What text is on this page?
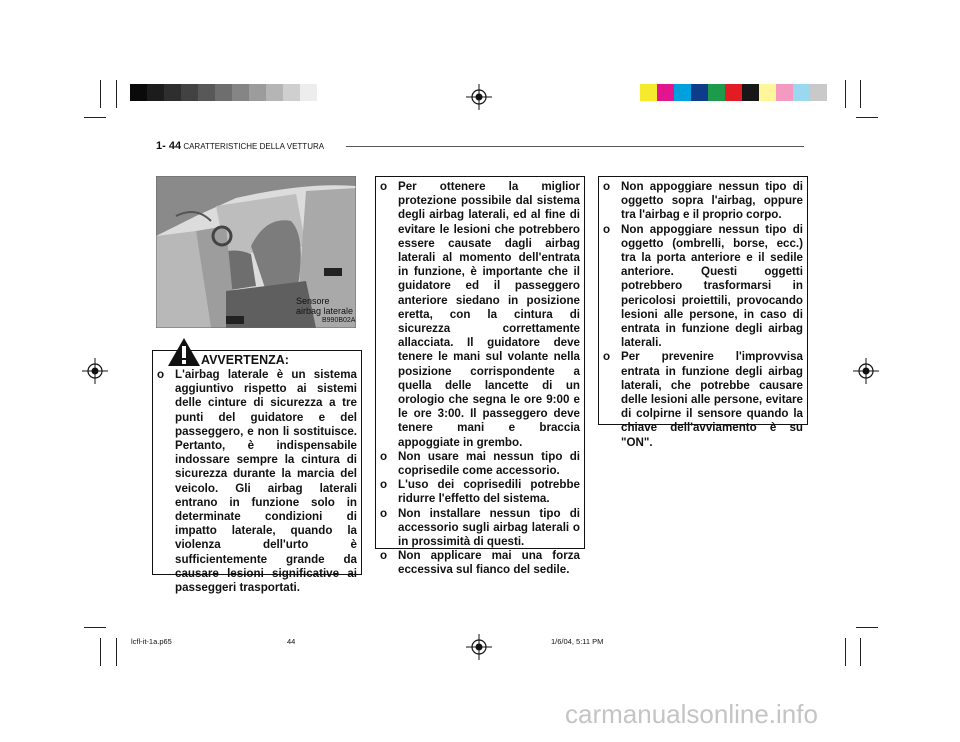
1- 44 CARATTERISTICHE DELLA VETTURA
Sensore
airbag laterale
B990B02A
AVVERTENZA:
o L'airbag laterale è un sistema aggiuntivo rispetto ai sistemi delle cinture di sicurezza a tre punti del guidatore e del passeggero, e non li sostituisce. Pertanto, è indispensabile indossare sempre la cintura di sicurezza durante la marcia del veicolo. Gli airbag laterali entrano in funzione solo in determinate condizioni di impatto laterale, quando la violenza dell'urto è sufficientemente grande da causare lesioni significative ai passeggeri trasportati.
o Per ottenere la miglior protezione possibile dal sistema degli airbag laterali, ed al fine di evitare le lesioni che potrebbero essere causate dagli airbag laterali al momento dell'entrata in funzione, è importante che il guidatore ed il passeggero anteriore siedano in posizione eretta, con la cintura di sicurezza correttamente allacciata. Il guidatore deve tenere le mani sul volante nella posizione corrispondente a quella delle lancette di un orologio che segna le ore 9:00 e le ore 3:00. Il passeggero deve tenere mani e braccia appoggiate in grembo.
o Non usare mai nessun tipo di coprisedile come accessorio.
o L'uso dei coprisedili potrebbe ridurre l'effetto del sistema.
o Non installare nessun tipo di accessorio sugli airbag laterali o in prossimità di questi.
o Non applicare mai una forza eccessiva sul fianco del sedile.
o Non appoggiare nessun tipo di oggetto sopra l'airbag, oppure tra l'airbag e il proprio corpo.
o Non appoggiare nessun tipo di oggetto (ombrelli, borse, ecc.) tra la porta anteriore e il sedile anteriore. Questi oggetti potrebbero trasformarsi in pericolosi proiettili, provocando lesioni alle persone, in caso di entrata in funzione degli airbag laterali.
o Per prevenire l'improvvisa entrata in funzione degli airbag laterali, che potrebbe causare delle lesioni alle persone, evitare di colpirne il sensore quando la chiave dell'avviamento è su "ON".
lcfl-it-1a.p65	44	1/6/04, 5:11 PM
carmanualsonline.info
